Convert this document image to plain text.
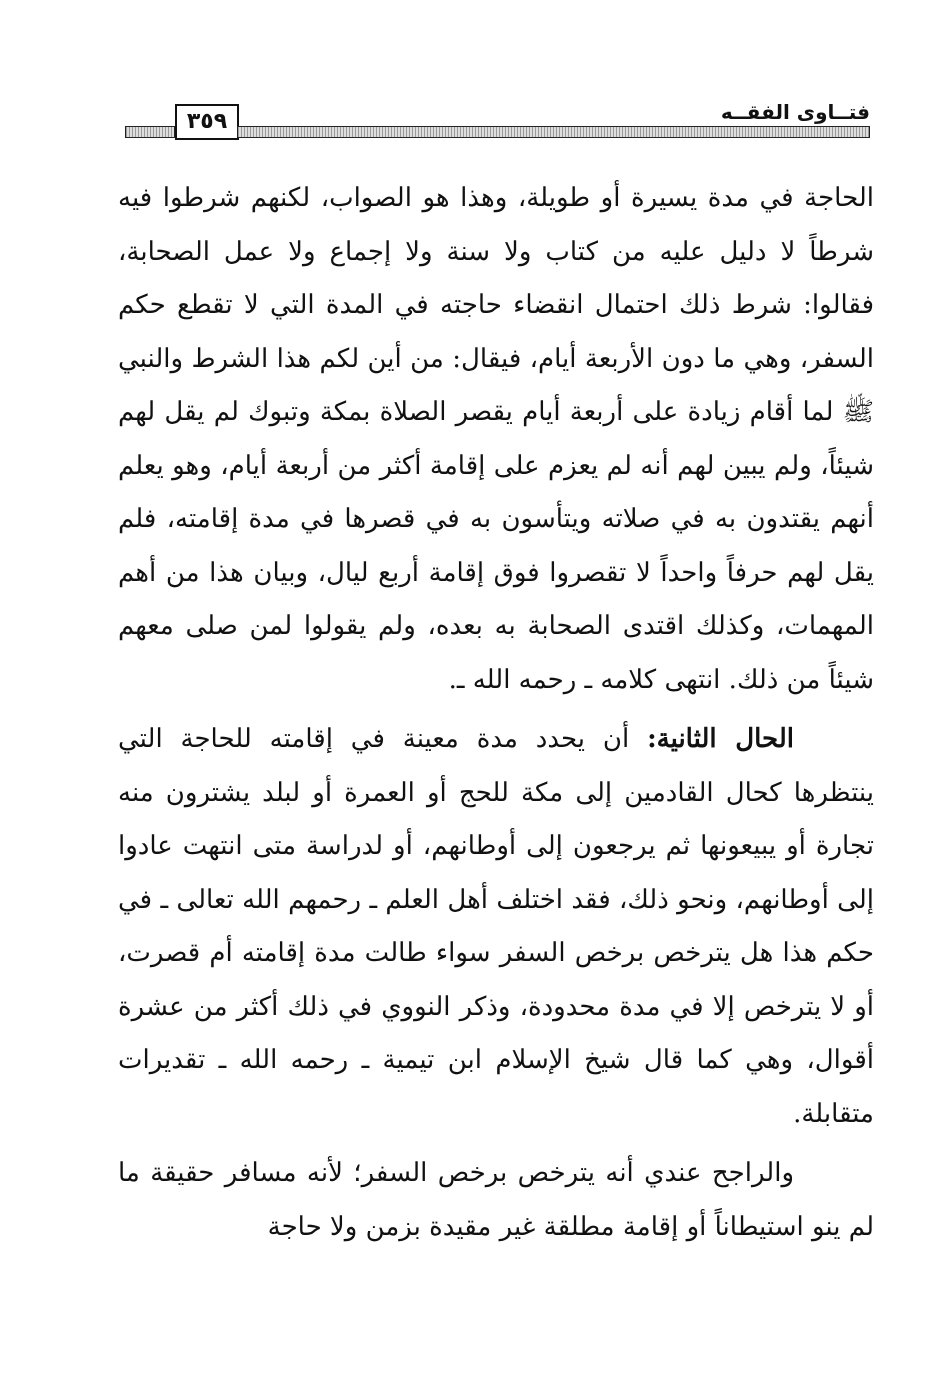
٣٥٩	فتــاوى الفقــه

الحاجة في مدة يسيرة أو طويلة، وهذا هو الصواب، لكنهم شرطوا فيه شرطاً لا دليل عليه من كتاب ولا سنة ولا إجماع ولا عمل الصحابة، فقالوا: شرط ذلك احتمال انقضاء حاجته في المدة التي لا تقطع حكم السفر، وهي ما دون الأربعة أيام، فيقال: من أين لكم هذا الشرط والنبي ﷺ لما أقام زيادة على أربعة أيام يقصر الصلاة بمكة وتبوك لم يقل لهم شيئاً، ولم يبين لهم أنه لم يعزم على إقامة أكثر من أربعة أيام، وهو يعلم أنهم يقتدون به في صلاته ويتأسون به في قصرها في مدة إقامته، فلم يقل لهم حرفاً واحداً لا تقصروا فوق إقامة أربع ليال، وبيان هذا من أهم المهمات، وكذلك اقتدى الصحابة به بعده، ولم يقولوا لمن صلى معهم شيئاً من ذلك. انتهى كلامه ـ رحمه الله ـ.

الحال الثانية: أن يحدد مدة معينة في إقامته للحاجة التي ينتظرها كحال القادمين إلى مكة للحج أو العمرة أو لبلد يشترون منه تجارة أو يبيعونها ثم يرجعون إلى أوطانهم، أو لدراسة متى انتهت عادوا إلى أوطانهم، ونحو ذلك، فقد اختلف أهل العلم ـ رحمهم الله تعالى ـ في حكم هذا هل يترخص برخص السفر سواء طالت مدة إقامته أم قصرت، أو لا يترخص إلا في مدة محدودة، وذكر النووي في ذلك أكثر من عشرة أقوال، وهي كما قال شيخ الإسلام ابن تيمية ـ رحمه الله ـ تقديرات متقابلة.

والراجح عندي أنه يترخص برخص السفر؛ لأنه مسافر حقيقة ما لم ينو استيطاناً أو إقامة مطلقة غير مقيدة بزمن ولا حاجة
